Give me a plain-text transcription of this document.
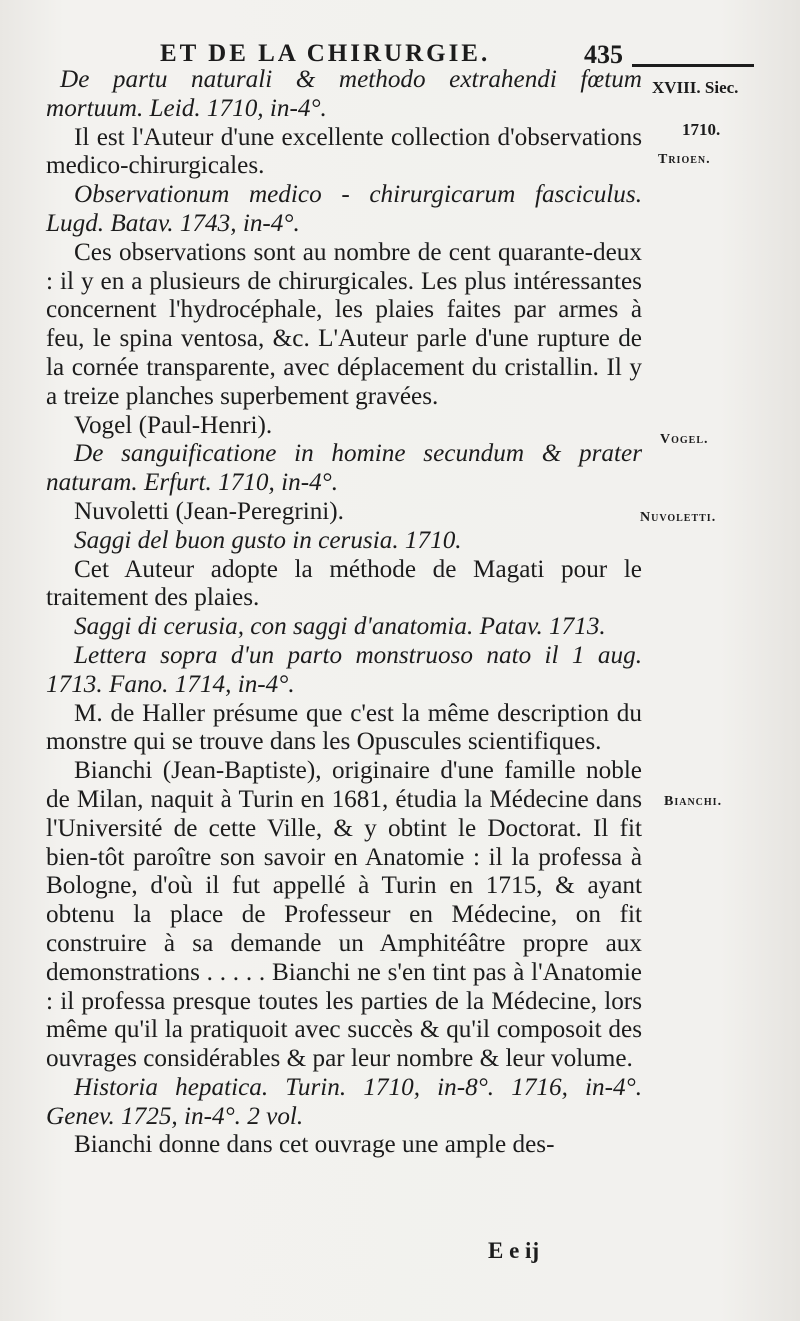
ET DE LA CHIRURGIE.	435
XVIII. Siec.
1710.
Trioen.
Vogel.
Nuvoletti.
Bianchi.

De partu naturali & methodo extrahendi fœtum mortuum. Leid. 1710, in-4°.

Il est l'Auteur d'une excellente collection d'observations medico-chirurgicales.

Observationum medico - chirurgicarum fasciculus. Lugd. Batav. 1743, in-4°.

Ces observations sont au nombre de cent quarante-deux : il y en a plusieurs de chirurgicales. Les plus intéressantes concernent l'hydrocéphale, les plaies faites par armes à feu, le spina ventosa, &c. L'Auteur parle d'une rupture de la cornée transparente, avec déplacement du cristallin. Il y a treize planches superbement gravées.

Vogel (Paul-Henri).

De sanguificatione in homine secundum & prater naturam. Erfurt. 1710, in-4°.

Nuvoletti (Jean-Peregrini).

Saggi del buon gusto in cerusia. 1710.

Cet Auteur adopte la méthode de Magati pour le traitement des plaies.

Saggi di cerusia, con saggi d'anatomia. Patav. 1713.

Lettera sopra d'un parto monstruoso nato il 1 aug. 1713. Fano. 1714, in-4°.

M. de Haller présume que c'est la même description du monstre qui se trouve dans les Opuscules scientifiques.

Bianchi (Jean-Baptiste), originaire d'une famille noble de Milan, naquit à Turin en 1681, étudia la Médecine dans l'Université de cette Ville, & y obtint le Doctorat. Il fit bien-tôt paroître son savoir en Anatomie : il la professa à Bologne, d'où il fut appellé à Turin en 1715, & ayant obtenu la place de Professeur en Médecine, on fit construire à sa demande un Amphitéâtre propre aux demonstrations . . . . . Bianchi ne s'en tint pas à l'Anatomie : il professa presque toutes les parties de la Médecine, lors même qu'il la pratiquoit avec succès & qu'il composoit des ouvrages considérables & par leur nombre & leur volume.

Historia hepatica. Turin. 1710, in-8°. 1716, in-4°. Genev. 1725, in-4°. 2 vol.

Bianchi donne dans cet ouvrage une ample des-

E e ij
